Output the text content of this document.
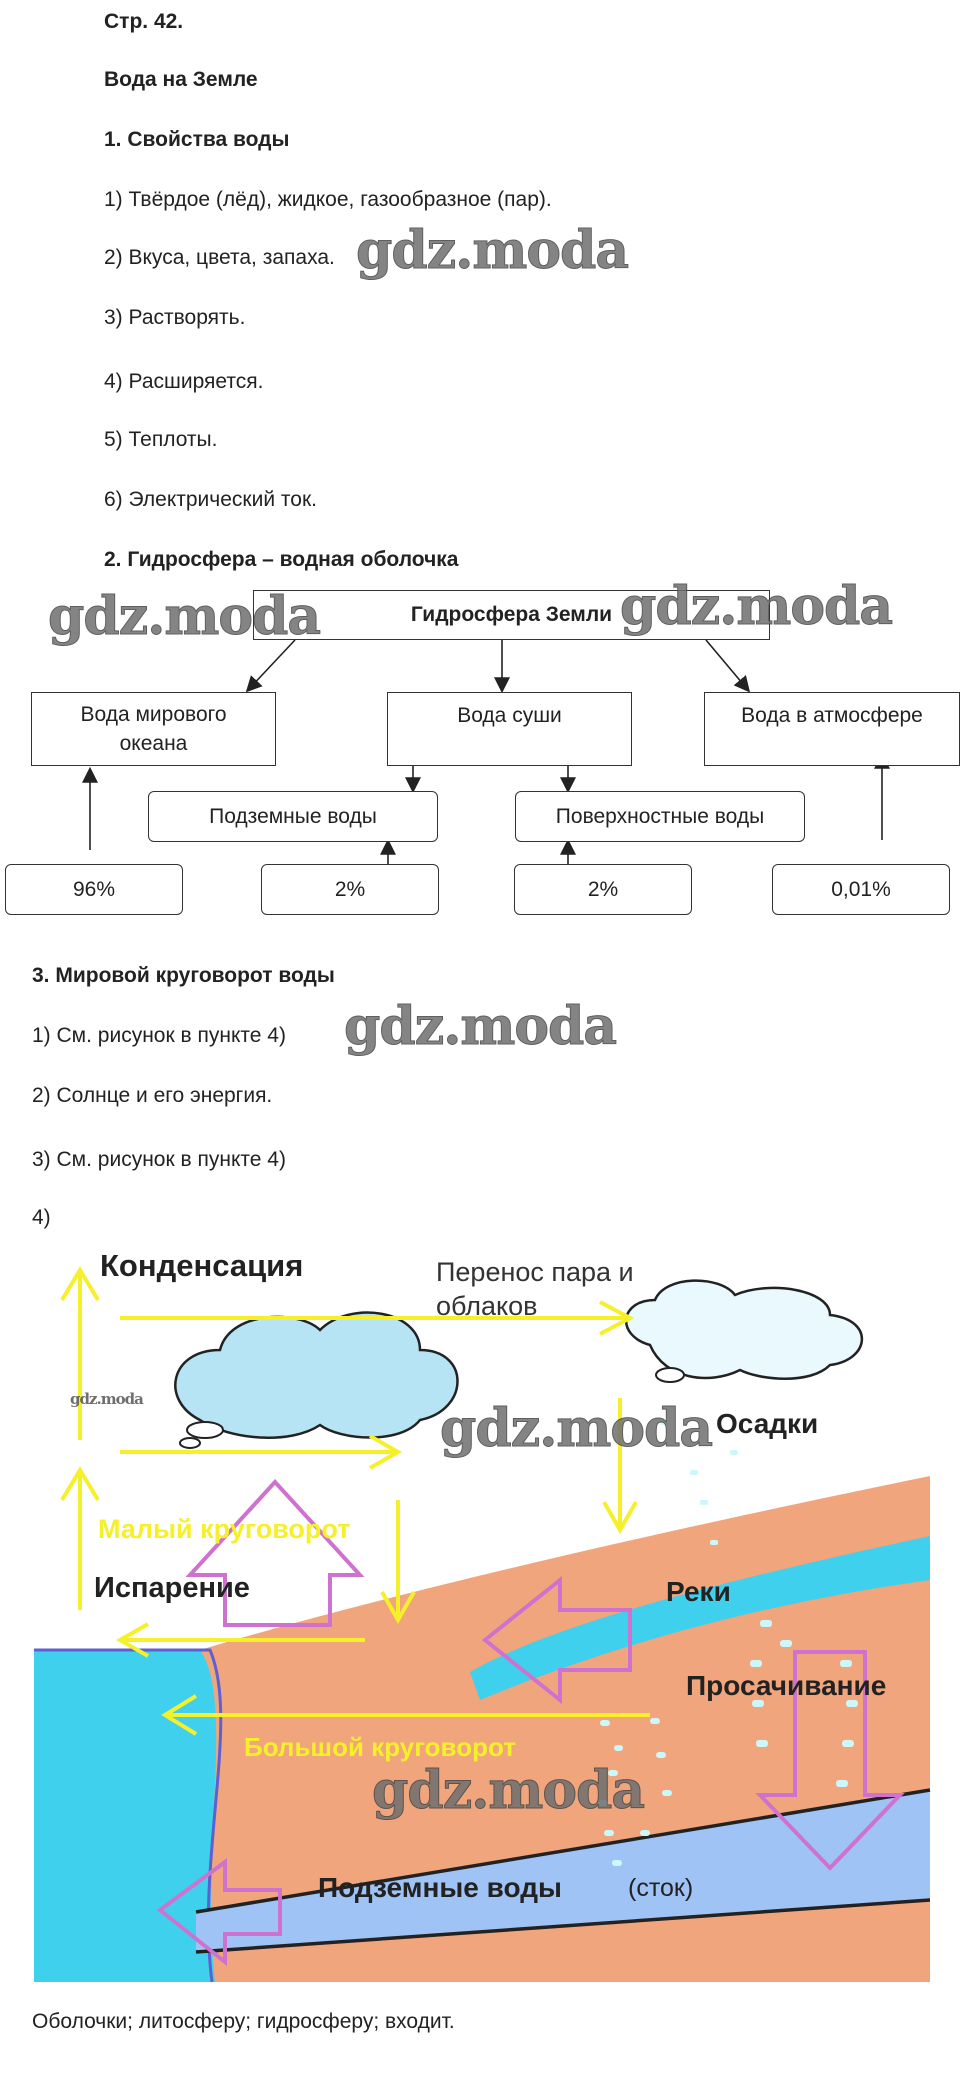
Стр. 42.
Вода на Земле
1. Свойства воды
1) Твёрдое (лёд), жидкое, газообразное (пар).
2) Вкуса, цвета, запаха.
3) Растворять.
4) Расширяется.
5) Теплоты.
6) Электрический ток.
2. Гидросфера – водная оболочка
Гидросфера Земли
Вода мирового океана
Вода суши	Вода в атмосфере
Подземные воды	Поверхностные воды
96%	2%	2%	0,01%
3. Мировой круговорот воды
1) См. рисунок в пункте 4)
2) Солнце и его энергия.
3) См. рисунок в пункте 4)
4)
Конденсация	Перенос пара и облаков
Осадки
Малый круговорот
Испарение	Реки
Просачивание
Большой круговорот
Подземные воды	(сток)
Оболочки; литосферу; гидросферу; входит.
gdz.moda
gdz.moda	gdz.moda
gdz.moda
gdz.moda
gdz.moda
gdz.moda
